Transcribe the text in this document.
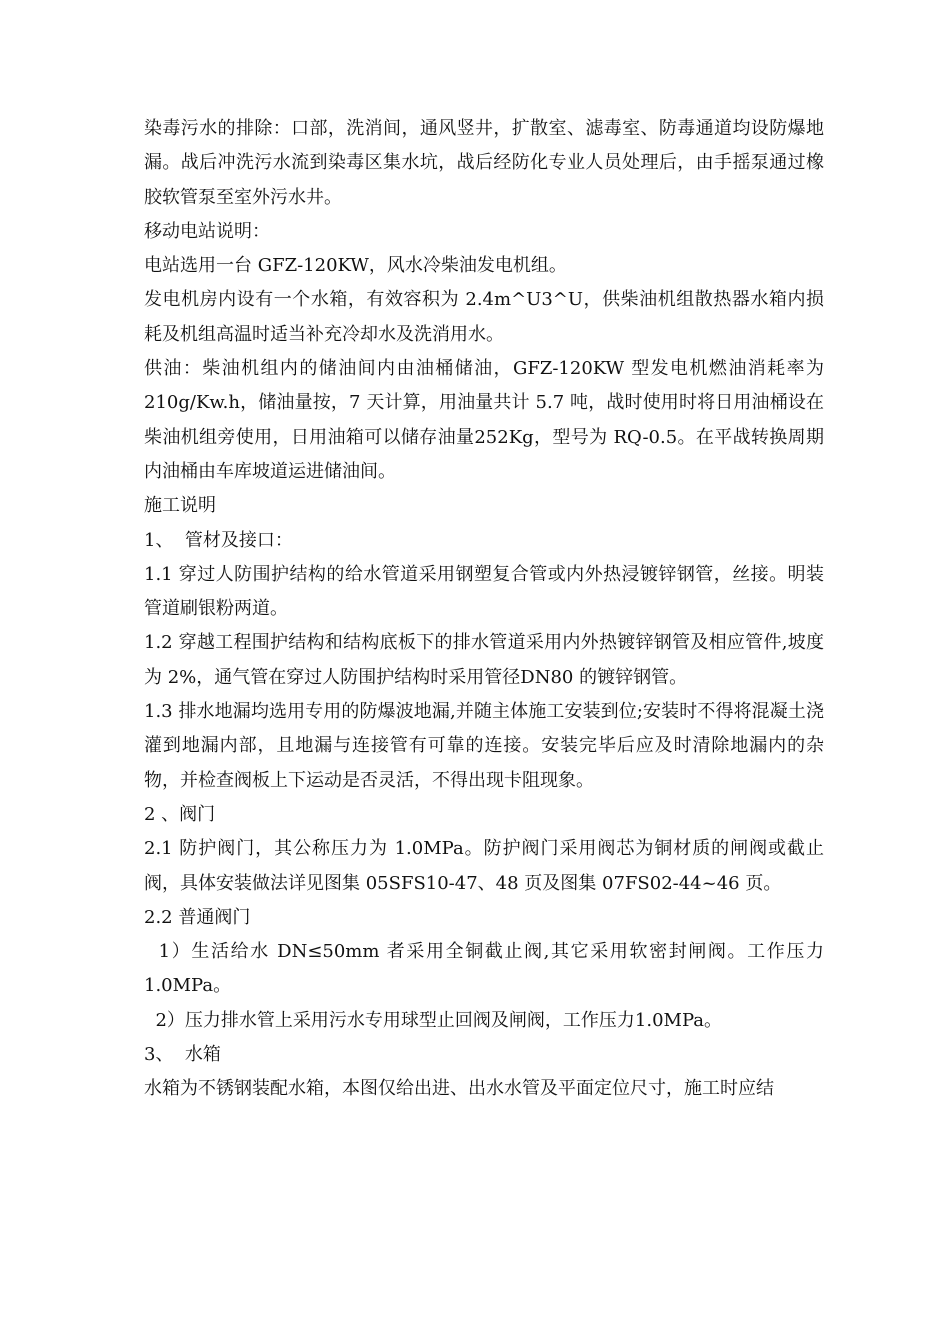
染毒污水的排除：口部，洗消间，通风竖井，扩散室、滤毒室、防毒通道均设防爆地漏。战后冲洗污水流到染毒区集水坑，战后经防化专业人员处理后，由手摇泵通过橡胶软管泵至室外污水井。

移动电站说明：

电站选用一台 GFZ-120KW，风水冷柴油发电机组。

发电机房内设有一个水箱，有效容积为 2.4m^U3^U，供柴油机组散热器水箱内损耗及机组高温时适当补充冷却水及洗消用水。

供油：柴油机组内的储油间内由油桶储油，GFZ-120KW 型发电机燃油消耗率为 210g/Kw.h，储油量按，7 天计算，用油量共计 5.7 吨，战时使用时将日用油桶设在柴油机组旁使用，日用油箱可以储存油量252Kg，型号为 RQ-0.5。在平战转换周期内油桶由车库坡道运进储油间。

施工说明

1、  管材及接口：

1.1 穿过人防围护结构的给水管道采用钢塑复合管或内外热浸镀锌钢管，丝接。明装管道刷银粉两道。

1.2 穿越工程围护结构和结构底板下的排水管道采用内外热镀锌钢管及相应管件,坡度为 2%，通气管在穿过人防围护结构时采用管径DN80 的镀锌钢管。

1.3 排水地漏均选用专用的防爆波地漏,并随主体施工安装到位;安装时不得将混凝土浇灌到地漏内部，且地漏与连接管有可靠的连接。安装完毕后应及时清除地漏内的杂物，并检查阀板上下运动是否灵活，不得出现卡阻现象。

2 、阀门

2.1 防护阀门，其公称压力为 1.0MPa。防护阀门采用阀芯为铜材质的闸阀或截止阀，具体安装做法详见图集 05SFS10-47、48 页及图集 07FS02-44~46 页。

2.2 普通阀门

1）生活给水 DN≤50mm 者采用全铜截止阀,其它采用软密封闸阀。工作压力 1.0MPa。

2）压力排水管上采用污水专用球型止回阀及闸阀，工作压力1.0MPa。

3、  水箱

水箱为不锈钢装配水箱，本图仅给出进、出水水管及平面定位尺寸，施工时应结
